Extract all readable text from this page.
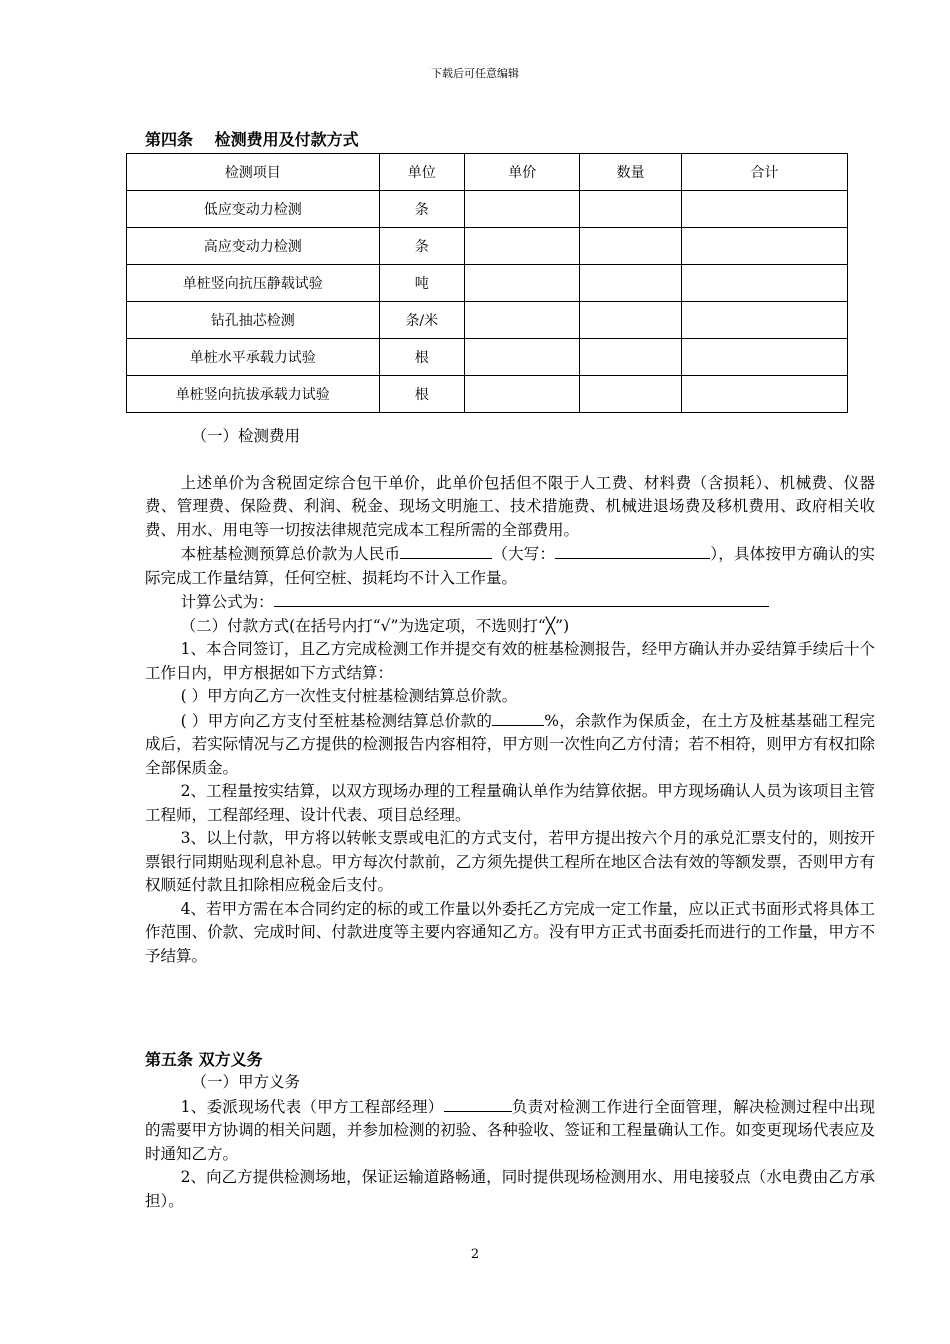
下载后可任意编辑
第四条　 检测费用及付款方式
检测项目	单位	单价	数量	合计
低应变动力检测	条			
高应变动力检测	条			
单桩竖向抗压静载试验	吨			
钻孔抽芯检测	条/米			
单桩水平承载力试验	根			
单桩竖向抗拔承载力试验	根			

（一）检测费用

上述单价为含税固定综合包干单价，此单价包括但不限于人工费、材料费（含损耗）、机械费、仪器费、管理费、保险费、利润、税金、现场文明施工、技术措施费、机械进退场费及移机费用、政府相关收费、用水、用电等一切按法律规范完成本工程所需的全部费用。

本桩基检测预算总价款为人民币	（大写：	），具体按甲方确认的实际完成工作量结算，任何空桩、损耗均不计入工作量。

计算公式为：

（二）付款方式(在括号内打“√”为选定项，不选则打“╳”)

1、本合同签订，且乙方完成检测工作并提交有效的桩基检测报告，经甲方确认并办妥结算手续后十个工作日内，甲方根据如下方式结算：

( ）甲方向乙方一次性支付桩基检测结算总价款。

( ）甲方向乙方支付至桩基检测结算总价款的	%，余款作为保质金，在土方及桩基基础工程完成后，若实际情况与乙方提供的检测报告内容相符，甲方则一次性向乙方付清；若不相符，则甲方有权扣除全部保质金。

2、工程量按实结算，以双方现场办理的工程量确认单作为结算依据。甲方现场确认人员为该项目主管工程师，工程部经理、设计代表、项目总经理。

3、以上付款，甲方将以转帐支票或电汇的方式支付，若甲方提出按六个月的承兑汇票支付的，则按开票银行同期贴现利息补息。甲方每次付款前，乙方须先提供工程所在地区合法有效的等额发票，否则甲方有权顺延付款且扣除相应税金后支付。

4、若甲方需在本合同约定的标的或工作量以外委托乙方完成一定工作量，应以正式书面形式将具体工作范围、价款、完成时间、付款进度等主要内容通知乙方。没有甲方正式书面委托而进行的工作量，甲方不予结算。

第五条 双方义务

（一）甲方义务

1、委派现场代表（甲方工程部经理）	负责对检测工作进行全面管理，解决检测过程中出现的需要甲方协调的相关问题，并参加检测的初验、各种验收、签证和工程量确认工作。如变更现场代表应及时通知乙方。

2、向乙方提供检测场地，保证运输道路畅通，同时提供现场检测用水、用电接驳点（水电费由乙方承担）。

2
